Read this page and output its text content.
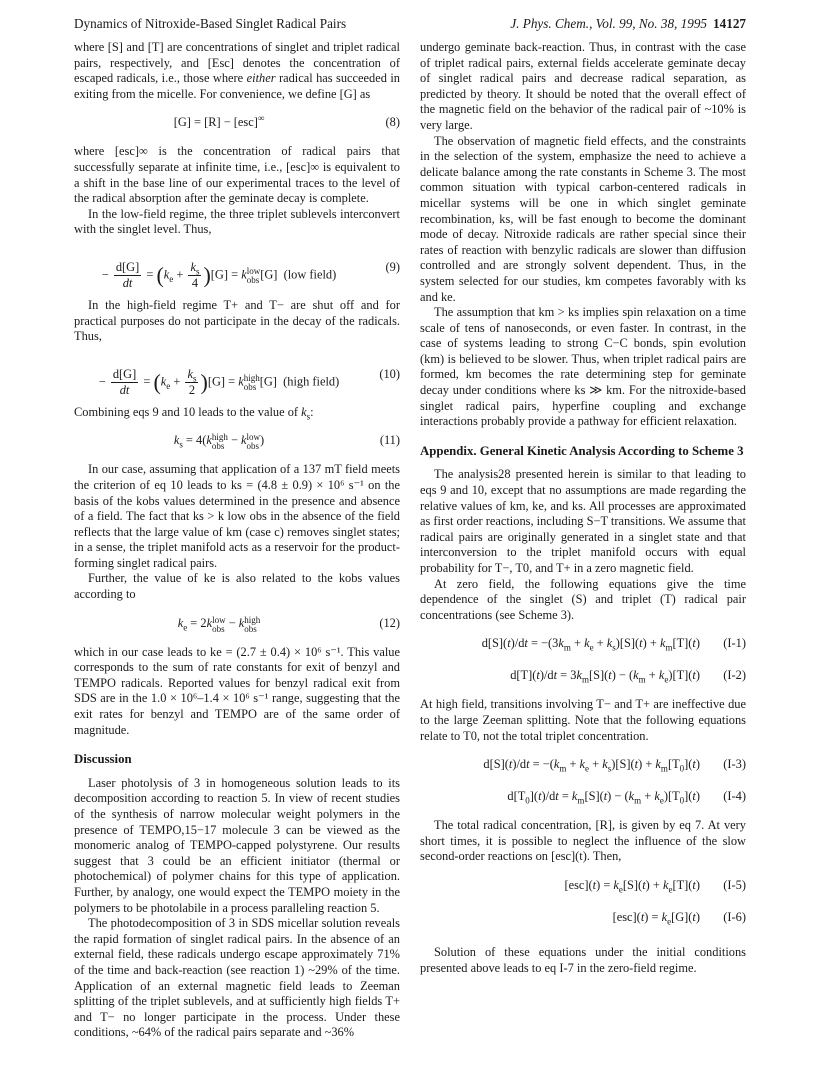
Dynamics of Nitroxide-Based Singlet Radical Pairs	J. Phys. Chem., Vol. 99, No. 38, 1995 14127

where [S] and [T] are concentrations of singlet and triplet radical pairs, respectively, and [Esc] denotes the concentration of escaped radicals, i.e., those where either radical has succeeded in exiting from the micelle. For convenience, we define [G] as

[G] = [R] − [esc]∞	(8)

where [esc]∞ is the concentration of radical pairs that successfully separate at infinite time, i.e., [esc]∞ is equivalent to a shift in the base line of our experimental traces to the level of the radical absorption after the geminate decay is complete.

In the low-field regime, the three triplet sublevels interconvert with the singlet level. Thus,

− $\frac{d[G]}{dt} = (k_e + \frac{k_s}{4} )[G] = k$ low
obs [G]  (low field)
(9)

In the high-field regime T+ and T− are shut off and for practical purposes do not participate in the decay of the radicals. Thus,

− $\frac{d[G]}{dt} = (k_e + \frac{k_s}{2} )[G] = k$ high
obs [G]  (high field)
(10)

Combining eqs 9 and 10 leads to the value of $k_s$:

$k_s = 4(k$ high
obs − k low
obs )	(11)

In our case, assuming that application of a 137 mT field meets the criterion of eq 10 leads to ks = (4.8 ± 0.9) × 10⁶ s⁻¹ on the basis of the kobs values determined in the presence and absence of a field. The fact that ks > k low obs in the absence of the field reflects that the large value of km (case c) removes singlet states; in a sense, the triplet manifold acts as a reservoir for the product-forming singlet radical pairs.

Further, the value of ke is also related to the kobs values according to

$k_e = 2k$ low
obs − k high
obs	(12)

which in our case leads to ke = (2.7 ± 0.4) × 10⁶ s⁻¹. This value corresponds to the sum of rate constants for exit of benzyl and TEMPO radicals. Reported values for benzyl radical exit from SDS are in the 1.0 × 10⁶–1.4 × 10⁶ s⁻¹ range, suggesting that the exit rates for benzyl and TEMPO are of the same order of magnitude.

Discussion

Laser photolysis of 3 in homogeneous solution leads to its decomposition according to reaction 5. In view of recent studies of the synthesis of narrow molecular weight polymers in the presence of TEMPO,15−17 molecule 3 can be viewed as the monomeric analog of TEMPO-capped polystyrene. Our results suggest that 3 could be an efficient initiator (thermal or photochemical) of polymer chains for this type of application. Further, by analogy, one would expect the TEMPO moiety in the polymers to be photolabile in a process paralleling reaction 5.

The photodecomposition of 3 in SDS micellar solution reveals the rapid formation of singlet radical pairs. In the absence of an external field, these radicals undergo escape approximately 71% of the time and back-reaction (see reaction 1) ~29% of the time. Application of an external magnetic field leads to Zeeman splitting of the triplet sublevels, and at sufficiently high fields T+ and T− no longer participate in the process. Under these conditions, ~64% of the radical pairs separate and ~36%

undergo geminate back-reaction. Thus, in contrast with the case of triplet radical pairs, external fields accelerate geminate decay of singlet radical pairs and decrease radical separation, as predicted by theory. It should be noted that the overall effect of the magnetic field on the behavior of the radical pair of ~10% is very large.

The observation of magnetic field effects, and the constraints in the selection of the system, emphasize the need to achieve a delicate balance among the rate constants in Scheme 3. The most common situation with typical carbon-centered radicals in micellar systems will be one in which singlet geminate recombination, ks, will be fast enough to become the dominant mode of decay. Nitroxide radicals are rather special since their rates of reaction with benzylic radicals are slower than diffusion controlled and are strongly solvent dependent. Thus, in the system selected for our studies, km competes favorably with ks and ke.

The assumption that km > ks implies spin relaxation on a time scale of tens of nanoseconds, or even faster. In contrast, in the case of systems leading to strong C−C bonds, spin evolution (km) is believed to be slower. Thus, when triplet radical pairs are formed, km becomes the rate determining step for geminate decay under conditions where ks ≫ km. For the nitroxide-based singlet radical pairs, hyperfine coupling and exchange interactions probably provide a pathway for efficient relaxation.

Appendix. General Kinetic Analysis According to Scheme 3

The analysis28 presented herein is similar to that leading to eqs 9 and 10, except that no assumptions are made regarding the relative values of km, ke, and ks. All processes are approximated as first order reactions, including S−T transitions. We assume that radical pairs are originally generated in a singlet state and that interconversion to the triplet manifold occurs with equal probability for T−, T0, and T+ in a zero magnetic field.

At zero field, the following equations give the time dependence of the singlet (S) and triplet (T) radical pair concentrations (see Scheme 3).

$d[S](t)/dt = -(3k_m + k_e + k_s)[S](t) + k_m[T](t)$ (I-1)
$d[T](t)/dt = 3k_m[S](t) - (k_m + k_e)[T](t)$ (I-2)

At high field, transitions involving T− and T+ are ineffective due to the large Zeeman splitting. Note that the following equations relate to T0, not the total triplet concentration.

$d[S](t)/dt = -(k_m + k_e + k_s)[S](t) + k_m[T_0](t)$ (I-3)
$d[T_0](t)/dt = k_m[S](t) - (k_m + k_e)[T_0](t)$ (I-4)

The total radical concentration, [R], is given by eq 7. At very short times, it is possible to neglect the influence of the slow second-order reactions on [esc](t). Then,

$[esc](t) = k_e[S](t) + k_e[T](t)$ (I-5)
$[esc](t) = k_e[G](t)$ (I-6)

Solution of these equations under the initial conditions presented above leads to eq I-7 in the zero-field regime.
